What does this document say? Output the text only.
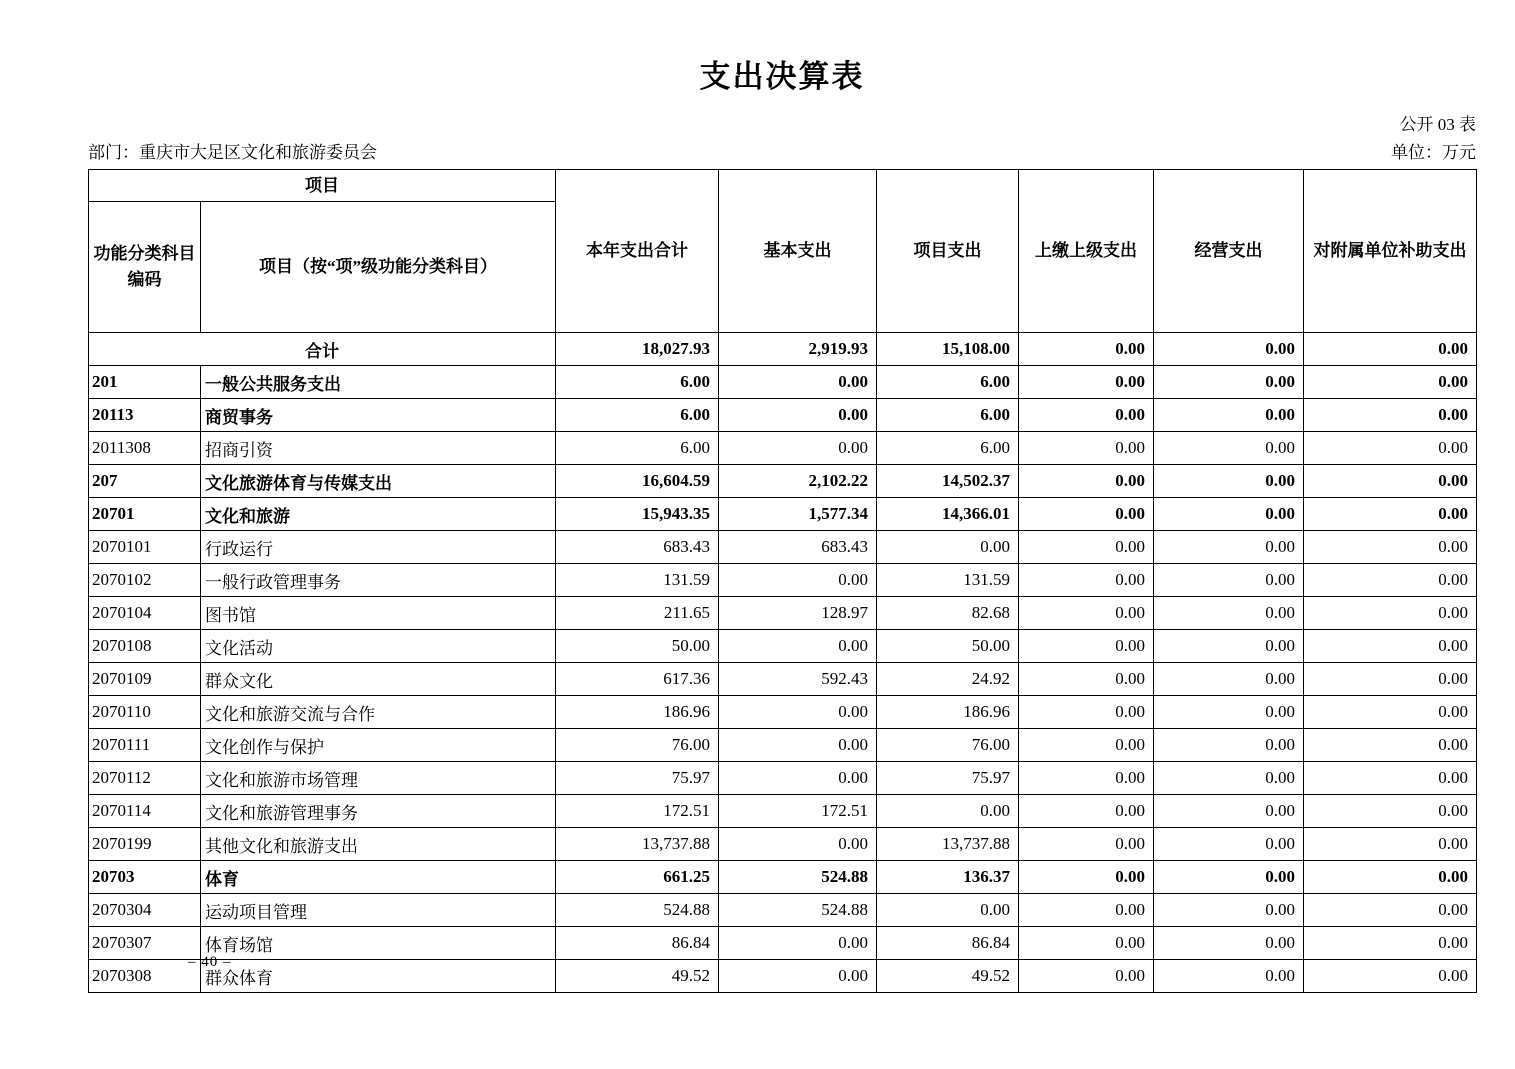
支出决算表
公开 03 表
部门：重庆市大足区文化和旅游委员会	单位：万元
项目		本年支出合计	基本支出	项目支出	上缴上级支出	经营支出	对附属单位补助支出
功能分类科目编码	项目（按“项”级功能分类科目）						
合计		18,027.93	2,919.93	15,108.00	0.00	0.00	0.00
201	一般公共服务支出	6.00	0.00	6.00	0.00	0.00	0.00
20113	商贸事务	6.00	0.00	6.00	0.00	0.00	0.00
2011308	招商引资	6.00	0.00	6.00	0.00	0.00	0.00
207	文化旅游体育与传媒支出	16,604.59	2,102.22	14,502.37	0.00	0.00	0.00
20701	文化和旅游	15,943.35	1,577.34	14,366.01	0.00	0.00	0.00
2070101	行政运行	683.43	683.43	0.00	0.00	0.00	0.00
2070102	一般行政管理事务	131.59	0.00	131.59	0.00	0.00	0.00
2070104	图书馆	211.65	128.97	82.68	0.00	0.00	0.00
2070108	文化活动	50.00	0.00	50.00	0.00	0.00	0.00
2070109	群众文化	617.36	592.43	24.92	0.00	0.00	0.00
2070110	文化和旅游交流与合作	186.96	0.00	186.96	0.00	0.00	0.00
2070111	文化创作与保护	76.00	0.00	76.00	0.00	0.00	0.00
2070112	文化和旅游市场管理	75.97	0.00	75.97	0.00	0.00	0.00
2070114	文化和旅游管理事务	172.51	172.51	0.00	0.00	0.00	0.00
2070199	其他文化和旅游支出	13,737.88	0.00	13,737.88	0.00	0.00	0.00
20703	体育	661.25	524.88	136.37	0.00	0.00	0.00
2070304	运动项目管理	524.88	524.88	0.00	0.00	0.00	0.00
2070307	体育场馆	86.84	0.00	86.84	0.00	0.00	0.00
2070308	群众体育	49.52	0.00	49.52	0.00	0.00	0.00
– 40 –
